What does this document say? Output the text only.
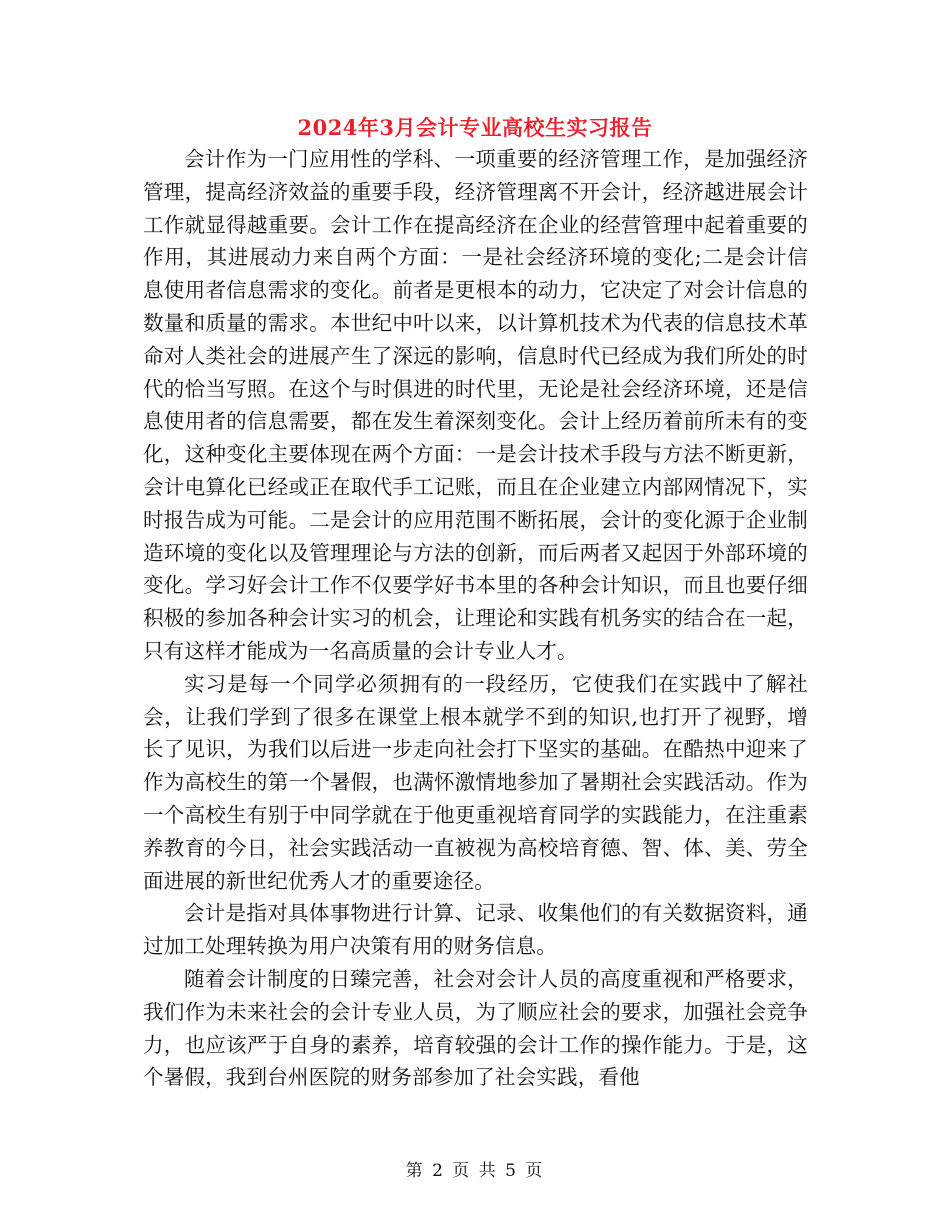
2024年3月会计专业高校生实习报告

会计作为一门应用性的学科、一项重要的经济管理工作，是加强经济管理，提高经济效益的重要手段，经济管理离不开会计，经济越进展会计工作就显得越重要。会计工作在提高经济在企业的经营管理中起着重要的作用，其进展动力来自两个方面：一是社会经济环境的变化;二是会计信息使用者信息需求的变化。前者是更根本的动力，它决定了对会计信息的数量和质量的需求。本世纪中叶以来，以计算机技术为代表的信息技术革命对人类社会的进展产生了深远的影响，信息时代已经成为我们所处的时代的恰当写照。在这个与时俱进的时代里，无论是社会经济环境，还是信息使用者的信息需要，都在发生着深刻变化。会计上经历着前所未有的变化，这种变化主要体现在两个方面：一是会计技术手段与方法不断更新，会计电算化已经或正在取代手工记账，而且在企业建立内部网情况下，实时报告成为可能。二是会计的应用范围不断拓展，会计的变化源于企业制造环境的变化以及管理理论与方法的创新，而后两者又起因于外部环境的变化。学习好会计工作不仅要学好书本里的各种会计知识，而且也要仔细积极的参加各种会计实习的机会，让理论和实践有机务实的结合在一起，只有这样才能成为一名高质量的会计专业人才。

实习是每一个同学必须拥有的一段经历，它使我们在实践中了解社会，让我们学到了很多在课堂上根本就学不到的知识,也打开了视野，增长了见识，为我们以后进一步走向社会打下坚实的基础。在酷热中迎来了作为高校生的第一个暑假，也满怀激情地参加了暑期社会实践活动。作为一个高校生有别于中同学就在于他更重视培育同学的实践能力，在注重素养教育的今日，社会实践活动一直被视为高校培育德、智、体、美、劳全面进展的新世纪优秀人才的重要途径。

会计是指对具体事物进行计算、记录、收集他们的有关数据资料，通过加工处理转换为用户决策有用的财务信息。

随着会计制度的日臻完善，社会对会计人员的高度重视和严格要求，我们作为未来社会的会计专业人员，为了顺应社会的要求，加强社会竞争力，也应该严于自身的素养，培育较强的会计工作的操作能力。于是，这个暑假，我到台州医院的财务部参加了社会实践，看他

第 2 页 共 5 页
